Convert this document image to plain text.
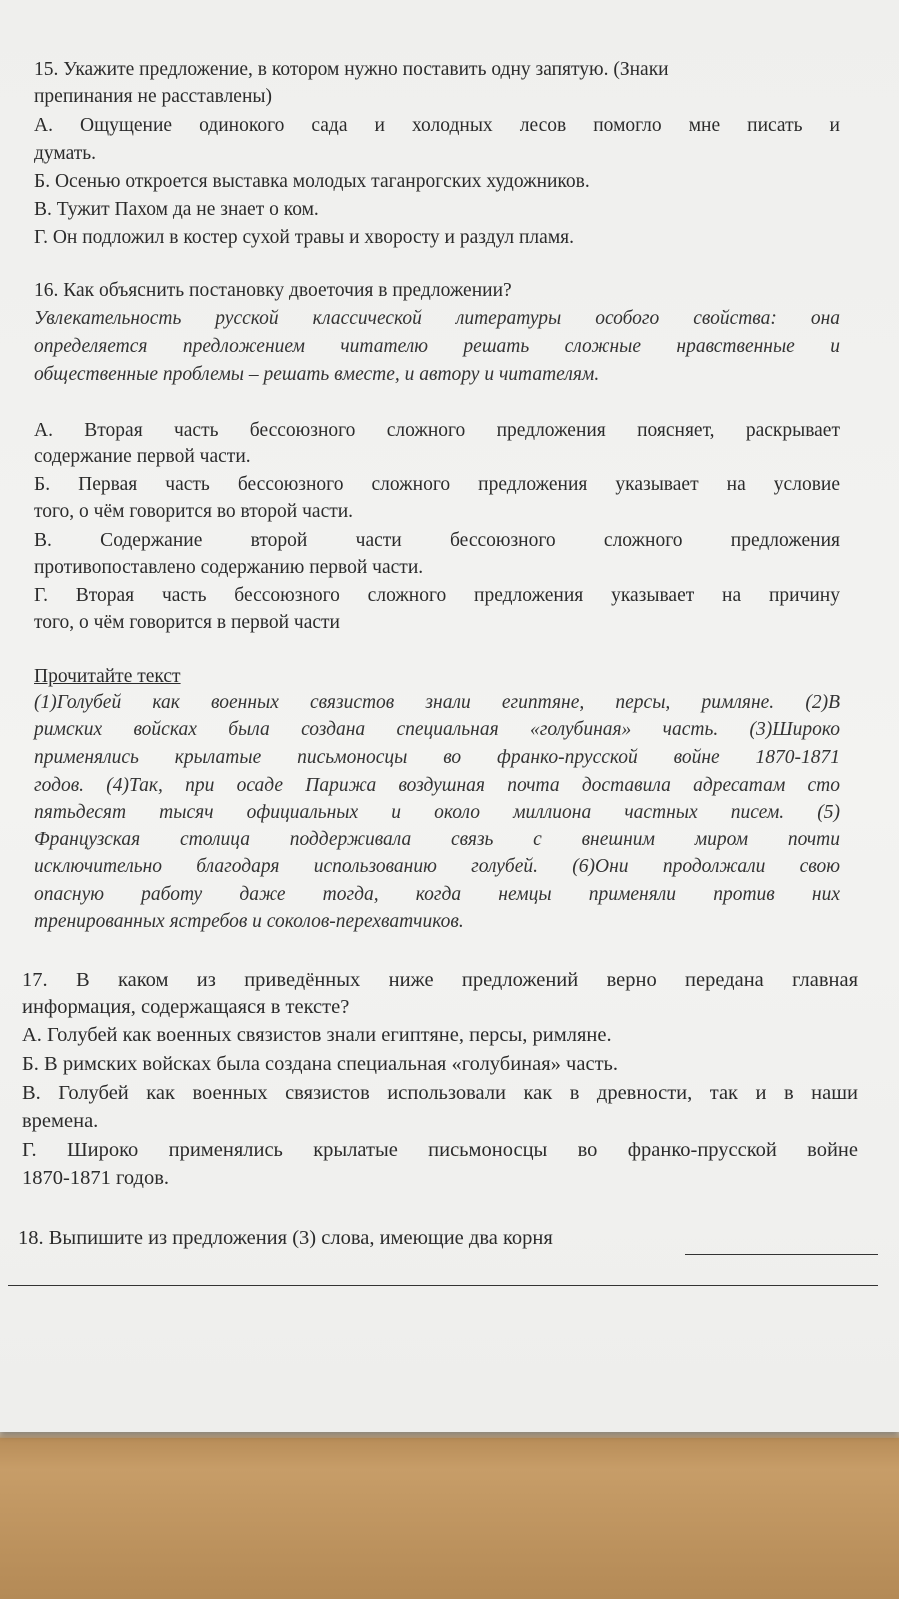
15. Укажите предложение, в котором нужно поставить одну запятую. (Знаки

препинания не расставлены)

А. Ощущение одинокого сада и холодных лесов помогло мне писать и

думать.

Б. Осенью откроется выставка молодых таганрогских художников.

В. Тужит Пахом да не знает о ком.

Г. Он подложил в костер сухой травы и хворосту и раздул пламя.

16. Как объяснить постановку двоеточия в предложении?

Увлекательность русской классической литературы особого свойства: она

определяется предложением читателю решать сложные нравственные и

общественные проблемы – решать вместе, и автору и читателям.

А. Вторая часть бессоюзного сложного предложения поясняет, раскрывает

содержание первой части.

Б. Первая часть бессоюзного сложного предложения указывает на условие

того, о чём говорится во второй части.

В. Содержание второй части бессоюзного сложного предложения

противопоставлено содержанию первой части.

Г. Вторая часть бессоюзного сложного предложения указывает на причину

того, о чём говорится в первой части

Прочитайте текст

(1)Голубей как военных связистов знали египтяне, персы, римляне. (2)В

римских войсках была создана специальная «голубиная» часть. (3)Широко

применялись крылатые письмоносцы во франко-прусской войне 1870-1871

годов. (4)Так, при осаде Парижа воздушная почта доставила адресатам сто

пятьдесят тысяч официальных и около миллиона частных писем. (5)

Французская столица поддерживала связь с внешним миром почти

исключительно благодаря использованию голубей. (6)Они продолжали свою

опасную работу даже тогда, когда немцы применяли против них

тренированных ястребов и соколов-перехватчиков.

17. В каком из приведённых ниже предложений верно передана главная

информация, содержащаяся в тексте?

А. Голубей как военных связистов знали египтяне, персы, римляне.

Б. В римских войсках была создана специальная «голубиная» часть.

В. Голубей как военных связистов использовали как в древности, так и в наши

времена.

Г. Широко применялись крылатые письмоносцы во франко-прусской войне

1870-1871 годов.

18. Выпишите из предложения (3) слова, имеющие два корня
